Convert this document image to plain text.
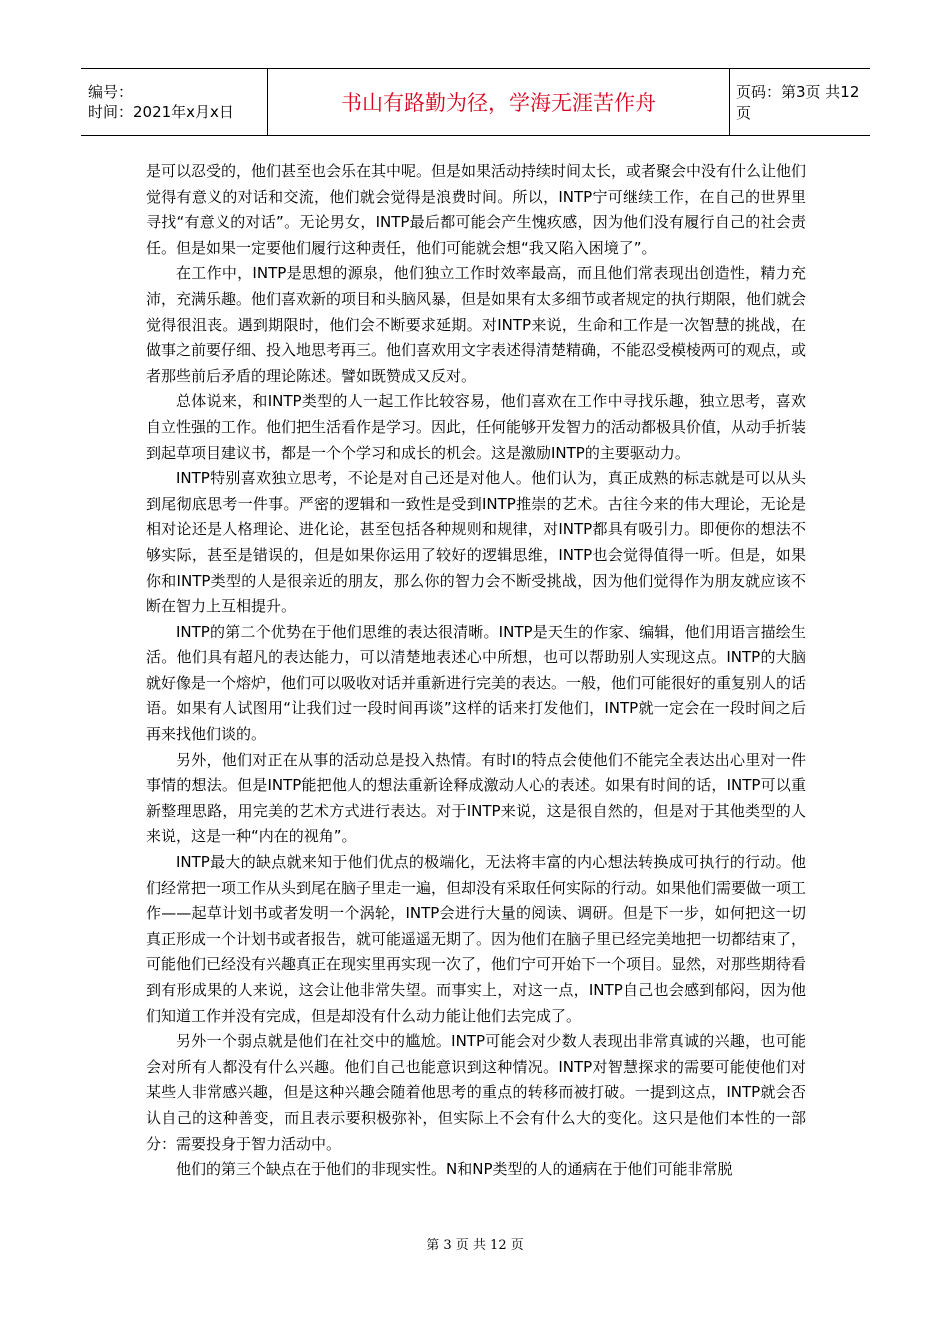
编号：
时间：2021年x月x日	书山有路勤为径，学海无涯苦作舟	页码：第3页 共12页

是可以忍受的，他们甚至也会乐在其中呢。但是如果活动持续时间太长，或者聚会中没有什么让他们觉得有意义的对话和交流，他们就会觉得是浪费时间。所以，INTP宁可继续工作，在自己的世界里寻找“有意义的对话”。无论男女，INTP最后都可能会产生愧疚感，因为他们没有履行自己的社会责任。但是如果一定要他们履行这种责任，他们可能就会想“我又陷入困境了”。

在工作中，INTP是思想的源泉，他们独立工作时效率最高，而且他们常表现出创造性，精力充沛，充满乐趣。他们喜欢新的项目和头脑风暴，但是如果有太多细节或者规定的执行期限，他们就会觉得很沮丧。遇到期限时，他们会不断要求延期。对INTP来说，生命和工作是一次智慧的挑战，在做事之前要仔细、投入地思考再三。他们喜欢用文字表述得清楚精确，不能忍受模棱两可的观点，或者那些前后矛盾的理论陈述。譬如既赞成又反对。

总体说来，和INTP类型的人一起工作比较容易，他们喜欢在工作中寻找乐趣，独立思考，喜欢自立性强的工作。他们把生活看作是学习。因此，任何能够开发智力的活动都极具价值，从动手折装到起草项目建议书，都是一个个学习和成长的机会。这是激励INTP的主要驱动力。

INTP特别喜欢独立思考，不论是对自己还是对他人。他们认为，真正成熟的标志就是可以从头到尾彻底思考一件事。严密的逻辑和一致性是受到INTP推崇的艺术。古往今来的伟大理论，无论是相对论还是人格理论、进化论，甚至包括各种规则和规律，对INTP都具有吸引力。即便你的想法不够实际，甚至是错误的，但是如果你运用了较好的逻辑思维，INTP也会觉得值得一听。但是，如果你和INTP类型的人是很亲近的朋友，那么你的智力会不断受挑战，因为他们觉得作为朋友就应该不断在智力上互相提升。

INTP的第二个优势在于他们思维的表达很清晰。INTP是天生的作家、编辑，他们用语言描绘生活。他们具有超凡的表达能力，可以清楚地表述心中所想，也可以帮助别人实现这点。INTP的大脑就好像是一个熔炉，他们可以吸收对话并重新进行完美的表达。一般，他们可能很好的重复别人的话语。如果有人试图用“让我们过一段时间再谈”这样的话来打发他们，INTP就一定会在一段时间之后再来找他们谈的。

另外，他们对正在从事的活动总是投入热情。有时I的特点会使他们不能完全表达出心里对一件事情的想法。但是INTP能把他人的想法重新诠释成激动人心的表述。如果有时间的话，INTP可以重新整理思路，用完美的艺术方式进行表达。对于INTP来说，这是很自然的，但是对于其他类型的人来说，这是一种“内在的视角”。

INTP最大的缺点就来知于他们优点的极端化，无法将丰富的内心想法转换成可执行的行动。他们经常把一项工作从头到尾在脑子里走一遍，但却没有采取任何实际的行动。如果他们需要做一项工作——起草计划书或者发明一个涡轮，INTP会进行大量的阅读、调研。但是下一步，如何把这一切真正形成一个计划书或者报告，就可能遥遥无期了。因为他们在脑子里已经完美地把一切都结束了，可能他们已经没有兴趣真正在现实里再实现一次了，他们宁可开始下一个项目。显然，对那些期待看到有形成果的人来说，这会让他非常失望。而事实上，对这一点，INTP自己也会感到郁闷，因为他们知道工作并没有完成，但是却没有什么动力能让他们去完成了。

另外一个弱点就是他们在社交中的尴尬。INTP可能会对少数人表现出非常真诚的兴趣，也可能会对所有人都没有什么兴趣。他们自己也能意识到这种情况。INTP对智慧探求的需要可能使他们对某些人非常感兴趣，但是这种兴趣会随着他思考的重点的转移而被打破。一提到这点，INTP就会否认自己的这种善变，而且表示要积极弥补，但实际上不会有什么大的变化。这只是他们本性的一部分：需要投身于智力活动中。

他们的第三个缺点在于他们的非现实性。N和NP类型的人的通病在于他们可能非常脱

第 3 页 共 12 页
